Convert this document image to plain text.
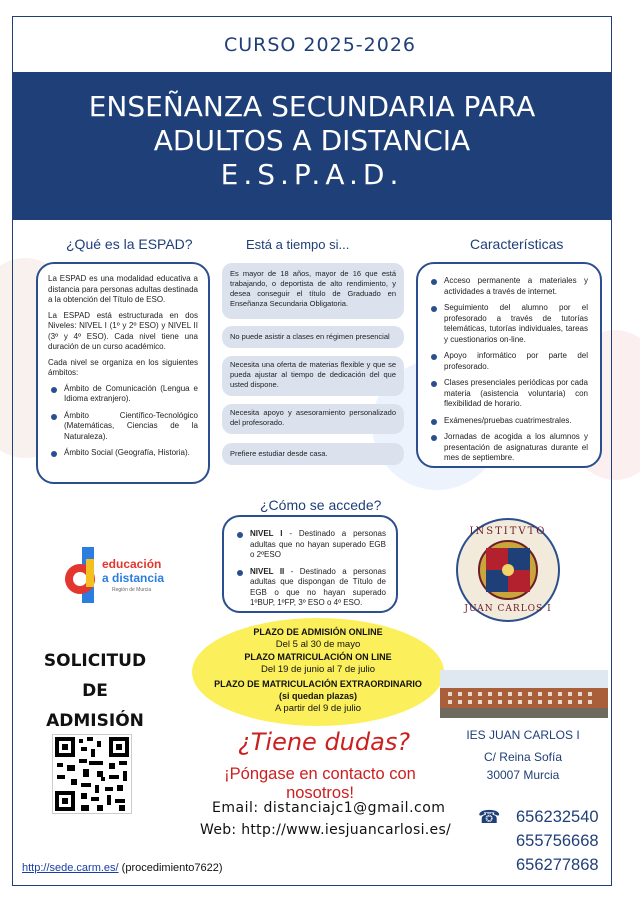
CURSO 2025-2026
ENSEÑANZA SECUNDARIA PARA
ADULTOS A DISTANCIA
E.S.P.A.D.
¿Qué es la ESPAD?	Está a tiempo si...	Características

La ESPAD es una modalidad educativa a distancia para personas adultas destinada a la obtención del Título de ESO.

La ESPAD está estructurada en dos Niveles: NIVEL I (1º y 2º ESO) y NIVEL II (3º y 4º ESO). Cada nivel tiene una duración de un curso académico.

Cada nivel se organiza en los siguientes ámbitos:

Ámbito de Comunicación (Lengua e Idioma extranjero).
Ámbito Científico-Tecnológico (Matemáticas, Ciencias de la Naturaleza).
Ámbito Social (Geografía, Historia).
Es mayor de 18 años, mayor de 16 que está trabajando, o deportista de alto rendimiento, y desea conseguir el título de Graduado en Enseñanza Secundaria Obligatoria.
No puede asistir a clases en régimen presencial
Necesita una oferta de materias flexible y que se pueda ajustar al tiempo de dedicación del que usted dispone.
Necesita apoyo y asesoramiento personalizado del profesorado.
Prefiere estudiar desde casa.
Acceso permanente a materiales y actividades a través de internet.
Seguimiento del alumno por el profesorado a través de tutorías telemáticas, tutorías individuales, tareas y cuestionarios on-line.
Apoyo informático por parte del profesorado.
Clases presenciales periódicas por cada materia (asistencia voluntaria) con flexibilidad de horario.
Exámenes/pruebas cuatrimestrales.
Jornadas de acogida a los alumnos y presentación de asignaturas durante el mes de septiembre.
¿Cómo se accede?
NIVEL I - Destinado a personas adultas que no hayan superado EGB o 2ºESO
NIVEL II - Destinado a personas adultas que dispongan de Título de EGB o que no hayan superado 1ºBUP, 1ºFP, 3º ESO o 4º ESO.
educación
a distancia
Región de Murcia
INSTITVTO
JUAN CARLOS I
SOLICITUD DE
ADMISIÓN
PLAZO DE ADMISIÓN ONLINE
Del 5 al 30 de mayo
PLAZO MATRICULACIÓN ON LINE
Del 19 de junio al 7 de julio
PLAZO DE MATRICULACIÓN EXTRAORDINARIO
(si quedan plazas)
A partir del 9 de julio
IES JUAN CARLOS I
C/ Reina Sofía
30007 Murcia
¿Tiene dudas?
¡Póngase en contacto con nosotros!
Email: distanciajc1@gmail.com
Web: http://www.iesjuancarlosi.es/
☎ 656232540
655756668
656277868
http://sede.carm.es/ (procedimiento7622)
